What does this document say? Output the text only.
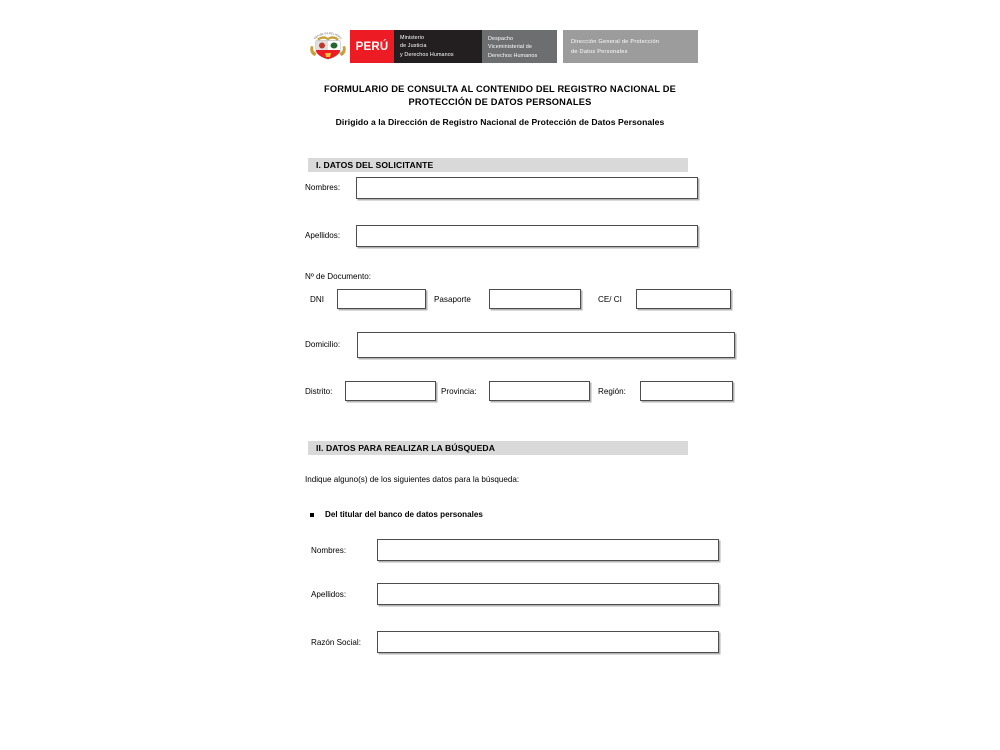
REPUBLICA DEL PERU
PERÚ
Ministerio
de Justicia
y Derechos Humanos
Despacho
Viceministerial de
Derechos Humanos
Dirección General de Protección
de Datos Personales
FORMULARIO DE CONSULTA AL CONTENIDO DEL REGISTRO NACIONAL DE PROTECCIÓN DE DATOS PERSONALES
Dirigido a la Dirección de Registro Nacional de Protección de Datos Personales
I. DATOS DEL SOLICITANTE
Nombres:
Apellidos:
Nº de Documento:
DNI	Pasaporte	CE/ CI
Domicilio:
Distrito:	Provincia:	Región:
II. DATOS PARA REALIZAR LA BÚSQUEDA
Indique alguno(s) de los siguientes datos para la búsqueda:
Del titular del banco de datos personales
Nombres:
Apellidos:
Razón Social:
